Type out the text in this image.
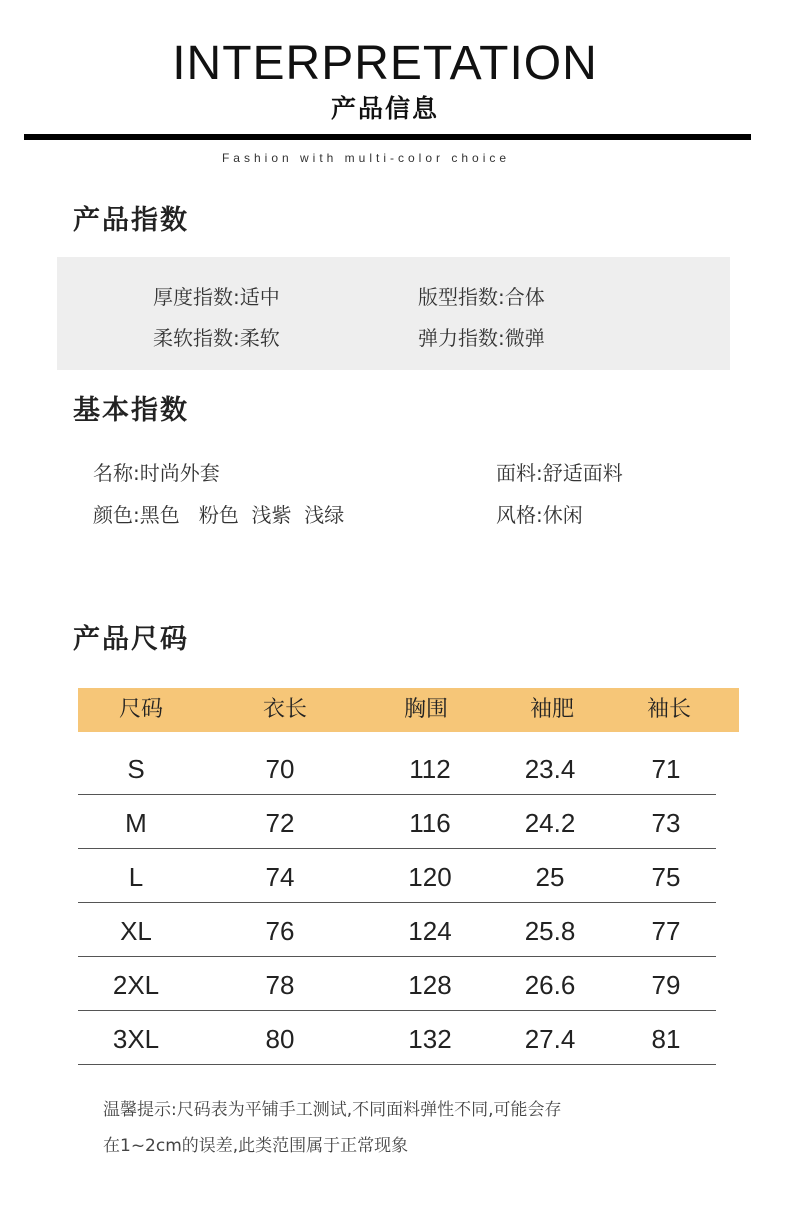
INTERPRETATION
产品信息
Fashion with multi-color choice
产品指数
厚度指数:适中	版型指数:合体
柔软指数:柔软	弹力指数:微弹
基本指数
名称:时尚外套	面料:舒适面料
颜色:黑色   粉色  浅紫  浅绿	风格:休闲
产品尺码
尺码	衣长	胸围	袖肥	袖长
S	70	112	23.4	71
M	72	116	24.2	73
L	74	120	25	75
XL	76	124	25.8	77
2XL	78	128	26.6	79
3XL	80	132	27.4	81
温馨提示:尺码表为平铺手工测试,不同面料弹性不同,可能会存
在1~2cm的误差,此类范围属于正常现象
